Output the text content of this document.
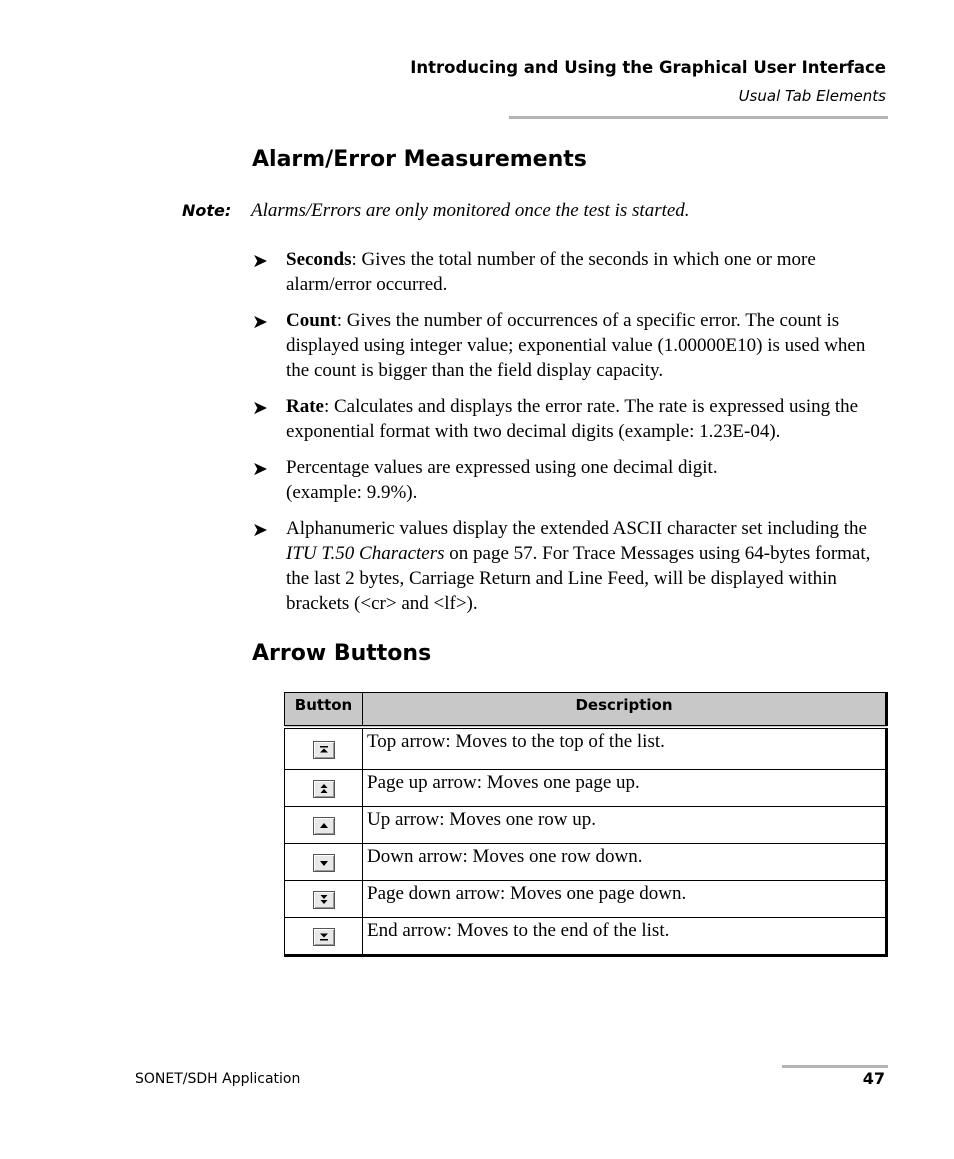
Introducing and Using the Graphical User Interface
Usual Tab Elements
Alarm/Error Measurements
Note: Alarms/Errors are only monitored once the test is started.
➤ Seconds: Gives the total number of the seconds in which one or more alarm/error occurred.
➤ Count: Gives the number of occurrences of a specific error. The count is displayed using integer value; exponential value (1.00000E10) is used when the count is bigger than the field display capacity.
➤ Rate: Calculates and displays the error rate. The rate is expressed using the exponential format with two decimal digits (example: 1.23E-04).
➤ Percentage values are expressed using one decimal digit.
(example: 9.9%).
➤ Alphanumeric values display the extended ASCII character set including the ITU T.50 Characters on page 57. For Trace Messages using 64-bytes format, the last 2 bytes, Carriage Return and Line Feed, will be displayed within brackets (<cr> and <lf>).
Arrow Buttons
Button	Description

	Top arrow: Moves to the top of the list.

	Page up arrow: Moves one page up.

	Up arrow: Moves one row up.

	Down arrow: Moves one row down.

	Page down arrow: Moves one page down.

	End arrow: Moves to the end of the list.
SONET/SDH Application	47
